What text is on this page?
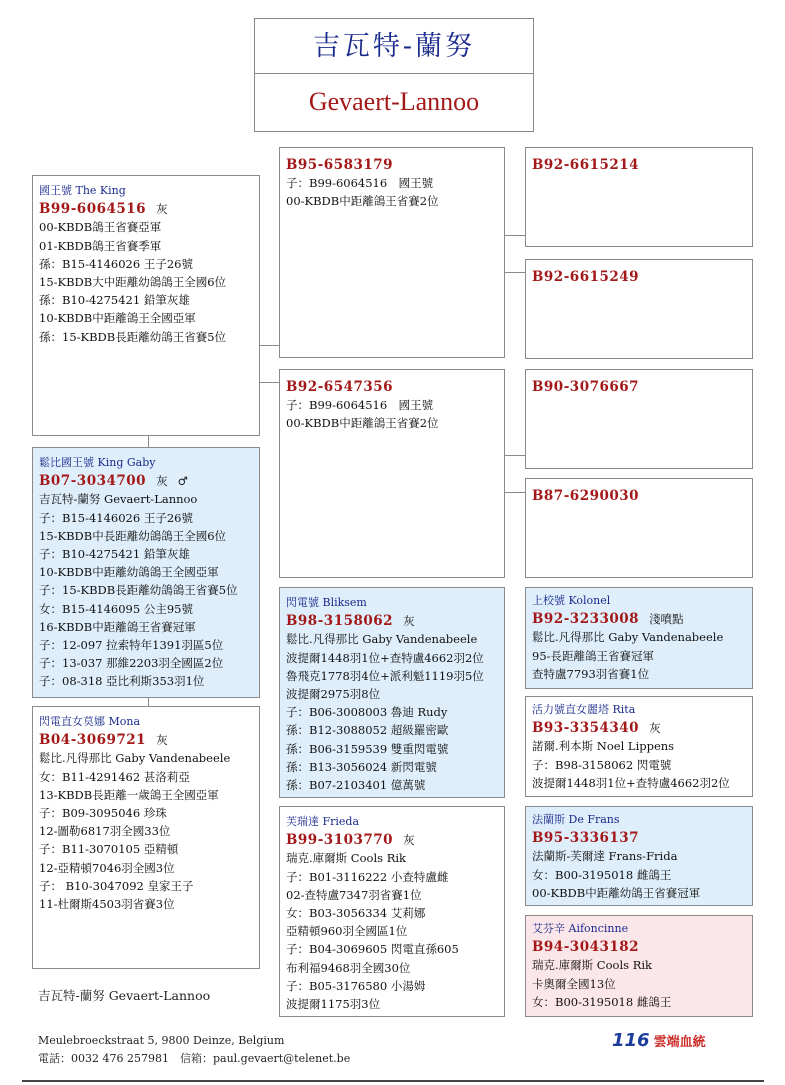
吉瓦特-蘭努
Gevaert-Lannoo
國王號 The King
B99-6064516 灰
00-KBDB鴿王省賽亞軍
01-KBDB鴿王省賽季軍
孫：B15-4146026 王子26號
15-KBDB大中距離幼鴿鴿王全國6位
孫：B10-4275421 鉛筆灰雄
10-KBDB中距離鴿王全國亞軍
孫：15-KBDB長距離幼鴿王省賽5位
鬆比國王號 King Gaby
B07-3034700 灰 ♂
吉瓦特-蘭努 Gevaert-Lannoo
子：B15-4146026 王子26號
15-KBDB中長距離幼鴿鴿王全國6位
子：B10-4275421 鉛筆灰雄
10-KBDB中距離幼鴿鴿王全國亞軍
子：15-KBDB長距離幼鴿鴿王省賽5位
女：B15-4146095 公主95號
16-KBDB中距離鴿王省賽冠軍
子：12-097 拉索特年1391羽區5位
子：13-037 那維2203羽全國區2位
子：08-318 亞比利斯353羽1位
閃電直女莫娜 Mona
B04-3069721 灰
鬆比.凡得那比 Gaby Vandenabeele
女：B11-4291462 甚洛莉亞
13-KBDB長距離一歲鴿王全國亞軍
子：B09-3095046 珍珠
12-圖勒6817羽全國33位
子：B11-3070105 亞精頓
12-亞精頓7046羽全國3位
子： B10-3047092 皇家王子
11-杜爾斯4503羽省賽3位
B95-6583179
子：B99-6064516　國王號
00-KBDB中距離鴿王省賽2位
B92-6547356
子：B99-6064516　國王號
00-KBDB中距離鴿王省賽2位
閃電號 Bliksem
B98-3158062 灰
鬆比.凡得那比 Gaby Vandenabeele
波提爾1448羽1位+查特盧4662羽2位
魯飛克1778羽4位+派利魁1119羽5位
波提爾2975羽8位
子：B06-3008003 魯迪 Rudy
孫：B12-3088052 超級羅密歐
孫：B06-3159539 雙重閃電號
孫：B13-3056024 新閃電號
孫：B07-2103401 億萬號
芙瑞達 Frieda
B99-3103770 灰
瑞克.庫爾斯 Cools Rik
子：B01-3116222 小查特盧雌
02-查特盧7347羽省賽1位
女：B03-3056334 艾莉娜
亞精頓960羽全國區1位
子：B04-3069605 閃電直孫605
布利福9468羽全國30位
子：B05-3176580 小湯姆
波提爾1175羽3位
B92-6615214
B92-6615249
B90-3076667
B87-6290030
上校號 Kolonel
B92-3233008 淺噴點
鬆比.凡得那比 Gaby Vandenabeele
95-長距離鴿王省賽冠軍
查特盧7793羽省賽1位
活力號直女麗塔 Rita
B93-3354340 灰
諾爾.利本斯 Noel Lippens
子：B98-3158062 閃電號
波提爾1448羽1位+查特盧4662羽2位
法蘭斯 De Frans
B95-3336137
法蘭斯-芙爾達 Frans-Frida
女：B00-3195018 雌鴿王
00-KBDB中距離幼鴿王省賽冠軍
艾芬辛 Aifoncinne
B94-3043182
瑞克.庫爾斯 Cools Rik
卡奧爾全國13位
女：B00-3195018 雌鴿王
吉瓦特-蘭努 Gevaert-Lannoo
Meulebroeckstraat 5, 9800 Deinze, Belgium
電話：0032 476 257981　信箱：paul.gevaert@telenet.be
116 雲端血統
